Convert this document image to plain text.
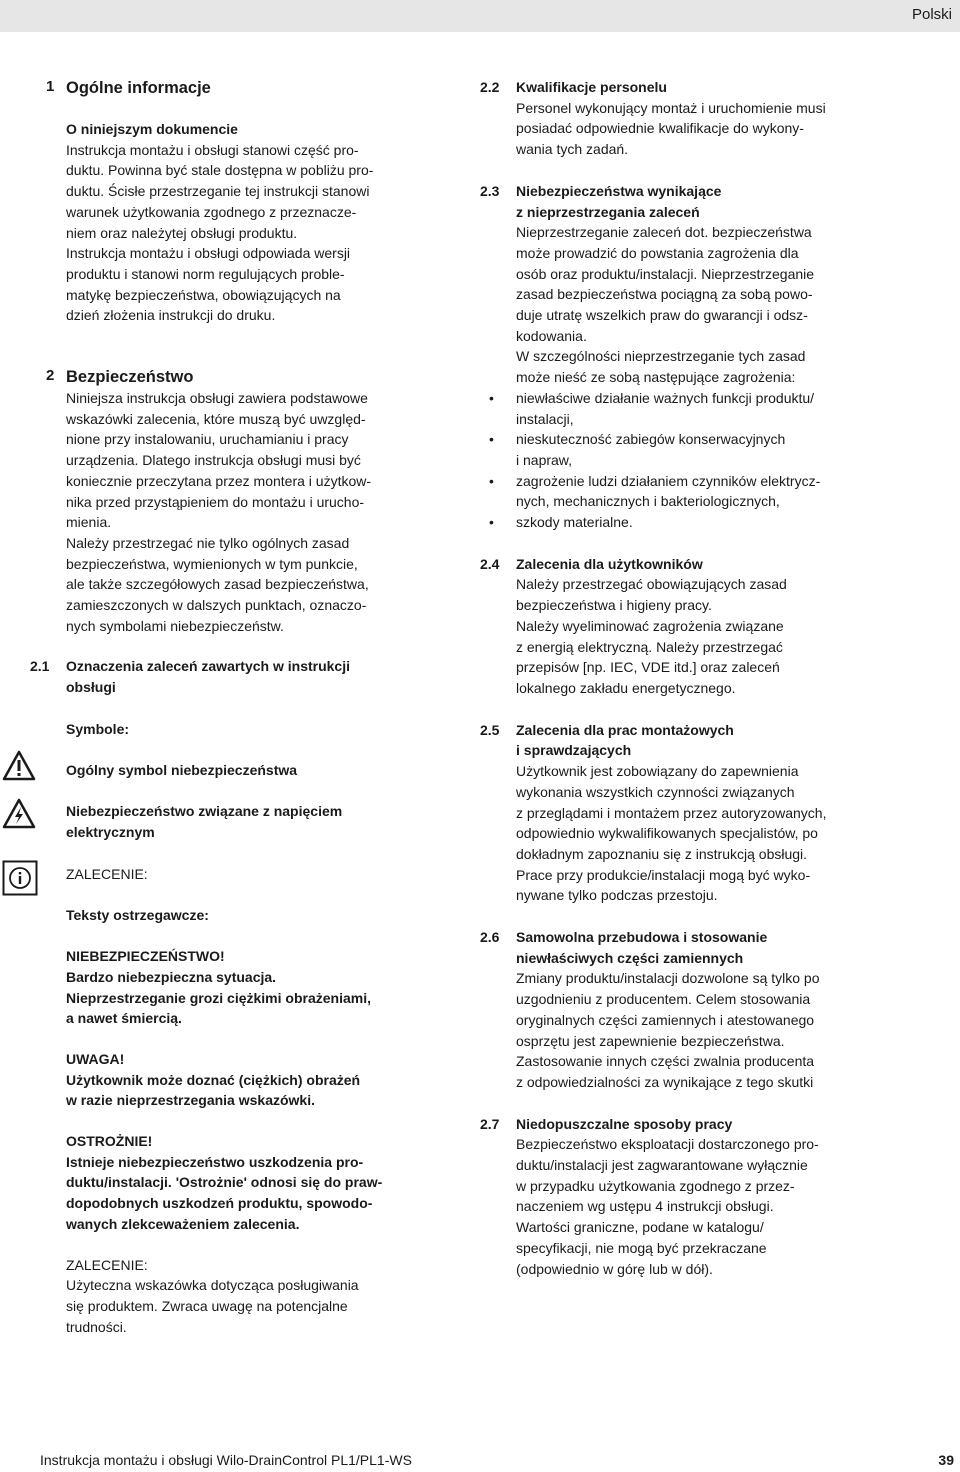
Polski
1 Ogólne informacje
O niniejszym dokumencie
Instrukcja montażu i obsługi stanowi część pro-
duktu. Powinna być stale dostępna w pobliżu pro-
duktu. Ścisłe przestrzeganie tej instrukcji stanowi
warunek użytkowania zgodnego z przeznacze-
niem oraz należytej obsługi produktu.
Instrukcja montażu i obsługi odpowiada wersji
produktu i stanowi norm regulujących proble-
matykę bezpieczeństwa, obowiązujących na
dzień złożenia instrukcji do druku.
2 Bezpieczeństwo
Niniejsza instrukcja obsługi zawiera podstawowe
wskazówki zalecenia, które muszą być uwzględ-
nione przy instalowaniu, uruchamianiu i pracy
urządzenia. Dlatego instrukcja obsługi musi być
koniecznie przeczytana przez montera i użytkow-
nika przed przystąpieniem do montażu i urucho-
mienia.
Należy przestrzegać nie tylko ogólnych zasad
bezpieczeństwa, wymienionych w tym punkcie,
ale także szczegółowych zasad bezpieczeństwa,
zamieszczonych w dalszych punktach, oznaczo-
nych symbolami niebezpieczeństw.
2.1 Oznaczenia zaleceń zawartych w instrukcji
obsługi
Symbole:
Ogólny symbol niebezpieczeństwa
Niebezpieczeństwo związane z napięciem
elektrycznym
ZALECENIE:
Teksty ostrzegawcze:
NIEBEZPIECZEŃSTWO!
Bardzo niebezpieczna sytuacja.
Nieprzestrzeganie grozi ciężkimi obrażeniami,
a nawet śmiercią.
UWAGA!
Użytkownik może doznać (ciężkich) obrażeń
w razie nieprzestrzegania wskazówki.
OSTROŻNIE!
Istnieje niebezpieczeństwo uszkodzenia pro-
duktu/instalacji. 'Ostrożnie' odnosi się do praw-
dopodobnych uszkodzeń produktu, spowodo-
wanych zlekceważeniem zalecenia.
ZALECENIE:
Użyteczna wskazówka dotycząca posługiwania
się produktem. Zwraca uwagę na potencjalne
trudności.
2.2 Kwalifikacje personelu
Personel wykonujący montaż i uruchomienie musi
posiadać odpowiednie kwalifikacje do wykony-
wania tych zadań.
2.3 Niebezpieczeństwa wynikające
z nieprzestrzegania zaleceń
Nieprzestrzeganie zaleceń dot. bezpieczeństwa
może prowadzić do powstania zagrożenia dla
osób oraz produktu/instalacji. Nieprzestrzeganie
zasad bezpieczeństwa pociągną za sobą powo-
duje utratę wszelkich praw do gwarancji i odsz-
kodowania.
W szczególności nieprzestrzeganie tych zasad
może nieść ze sobą następujące zagrożenia:
• niewłaściwe działanie ważnych funkcji produktu/
instalacji,
• nieskuteczność zabiegów konserwacyjnych
i napraw,
• zagrożenie ludzi działaniem czynników elektrycz-
nych, mechanicznych i bakteriologicznych,
• szkody materialne.
2.4 Zalecenia dla użytkowników
Należy przestrzegać obowiązujących zasad
bezpieczeństwa i higieny pracy.
Należy wyeliminować zagrożenia związane
z energią elektryczną. Należy przestrzegać
przepisów [np. IEC, VDE itd.] oraz zaleceń
lokalnego zakładu energetycznego.
2.5 Zalecenia dla prac montażowych
i sprawdzających
Użytkownik jest zobowiązany do zapewnienia
wykonania wszystkich czynności związanych
z przeglądami i montażem przez autoryzowanych,
odpowiednio wykwalifikowanych specjalistów, po
dokładnym zapoznaniu się z instrukcją obsługi.
Prace przy produkcie/instalacji mogą być wyko-
nywane tylko podczas przestoju.
2.6 Samowolna przebudowa i stosowanie
niewłaściwych części zamiennych
Zmiany produktu/instalacji dozwolone są tylko po
uzgodnieniu z producentem. Celem stosowania
oryginalnych części zamiennych i atestowanego
osprzętu jest zapewnienie bezpieczeństwa.
Zastosowanie innych części zwalnia producenta
z odpowiedzialności za wynikające z tego skutki
2.7 Niedopuszczalne sposoby pracy
Bezpieczeństwo eksploatacji dostarczonego pro-
duktu/instalacji jest zagwarantowane wyłącznie
w przypadku użytkowania zgodnego z przez-
naczeniem wg ustępu 4 instrukcji obsługi.
Wartości graniczne, podane w katalogu/
specyfikacji, nie mogą być przekraczane
(odpowiednio w górę lub w dół).
Instrukcja montażu i obsługi Wilo-DrainControl PL1/PL1-WS	39
